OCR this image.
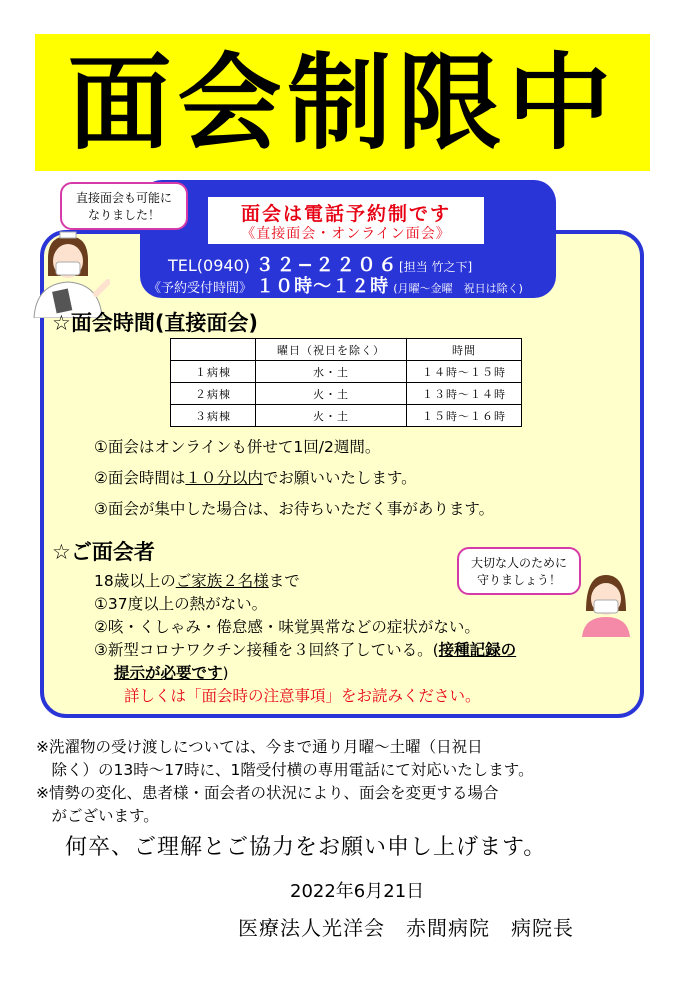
面会制限中
面会は電話予約制です
《直接面会・オンライン面会》
TEL(0940) ３２−２２０６[担当 竹之下]
《予約受付時間》 １０時〜１２時 (月曜〜金曜　祝日は除く)
直接面会も可能に
なりました！
☆面会時間(直接面会)
	曜日（祝日を除く）	時間
１病棟	水・土	１４時〜１５時
２病棟	火・土	１３時〜１４時
３病棟	火・土	１５時〜１６時
①面会はオンラインも併せて1回/2週間。
②面会時間は１０分以内でお願いいたします。
③面会が集中した場合は、お待ちいただく事があります。
☆ご面会者	大切な人のために
守りましょう！
18歳以上のご家族２名様まで
①37度以上の熱がない。
②咳・くしゃみ・倦怠感・味覚異常などの症状がない。
③新型コロナワクチン接種を３回終了している。(接種記録の
提示が必要です)
詳しくは「面会時の注意事項」をお読みください。
※洗濯物の受け渡しについては、今まで通り月曜〜土曜（日祝日
　除く）の13時〜17時に、1階受付横の専用電話にて対応いたします。
※情勢の変化、患者様・面会者の状況により、面会を変更する場合
　がございます。
何卒、ご理解とご協力をお願い申し上げます。
2022年6月21日
医療法人光洋会　赤間病院　病院長
